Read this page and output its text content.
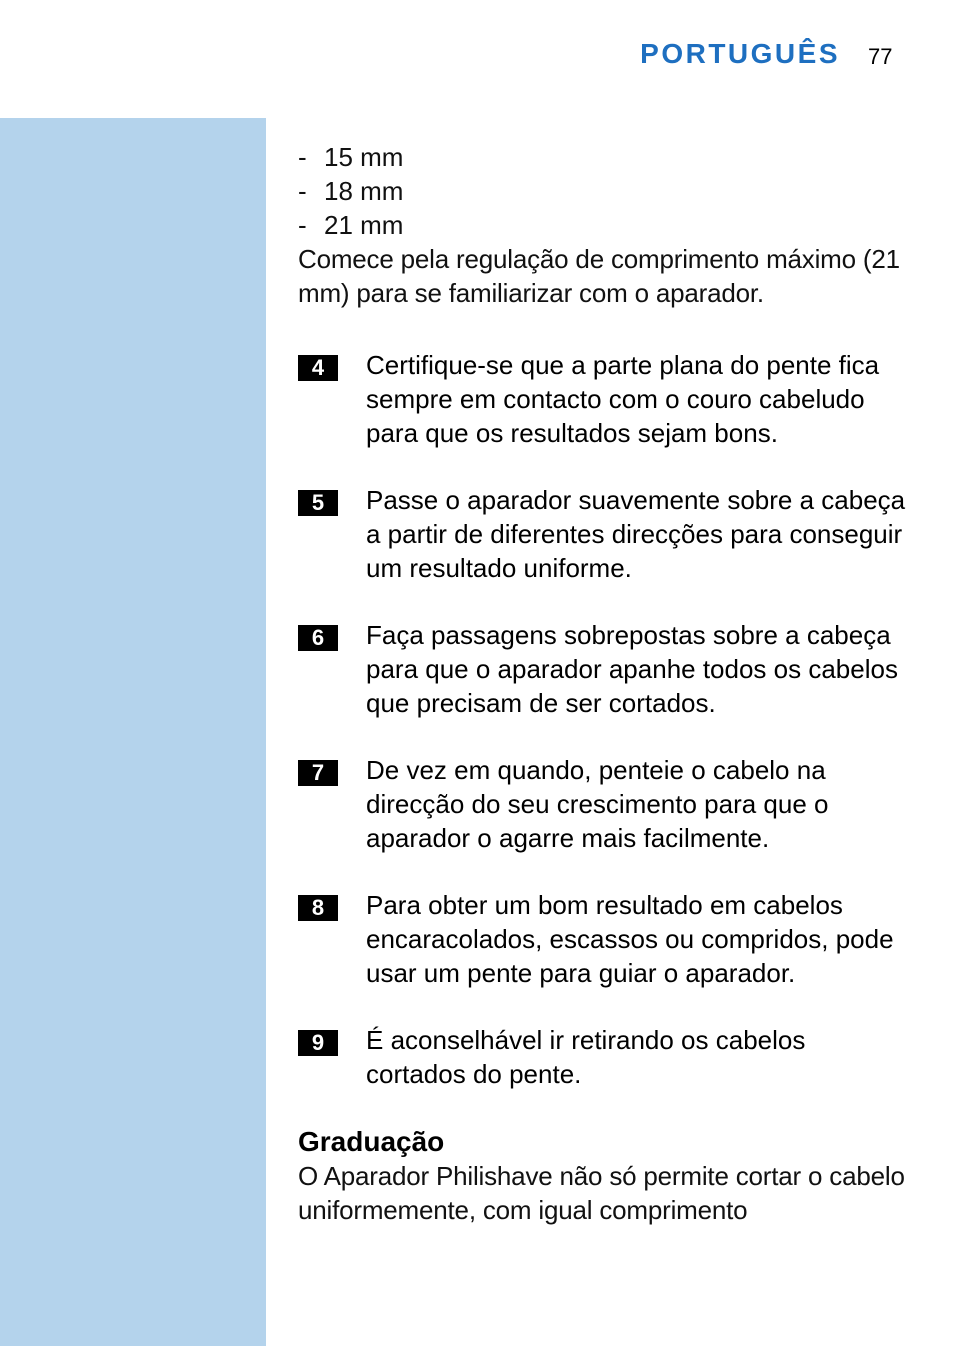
PORTUGUÊS 77
- 15 mm
- 18 mm
- 21 mm

Comece pela regulação de comprimento máximo (21 mm) para se familiarizar com o aparador.

4	Certifique-se que a parte plana do pente fica sempre em contacto com o couro cabeludo para que os resultados sejam bons.

5	Passe o aparador suavemente sobre a cabeça a partir de diferentes direcções para conseguir um resultado uniforme.

6	Faça passagens sobrepostas sobre a cabeça para que o aparador apanhe todos os cabelos que precisam de ser cortados.

7	De vez em quando, penteie o cabelo na direcção do seu crescimento para que o aparador o agarre mais facilmente.

8	Para obter um bom resultado em cabelos encaracolados, escassos ou compridos, pode usar um pente para guiar o aparador.

9	É aconselhável ir retirando os cabelos cortados do pente.

Graduação

O Aparador Philishave não só permite cortar o cabelo uniformemente, com igual comprimento
